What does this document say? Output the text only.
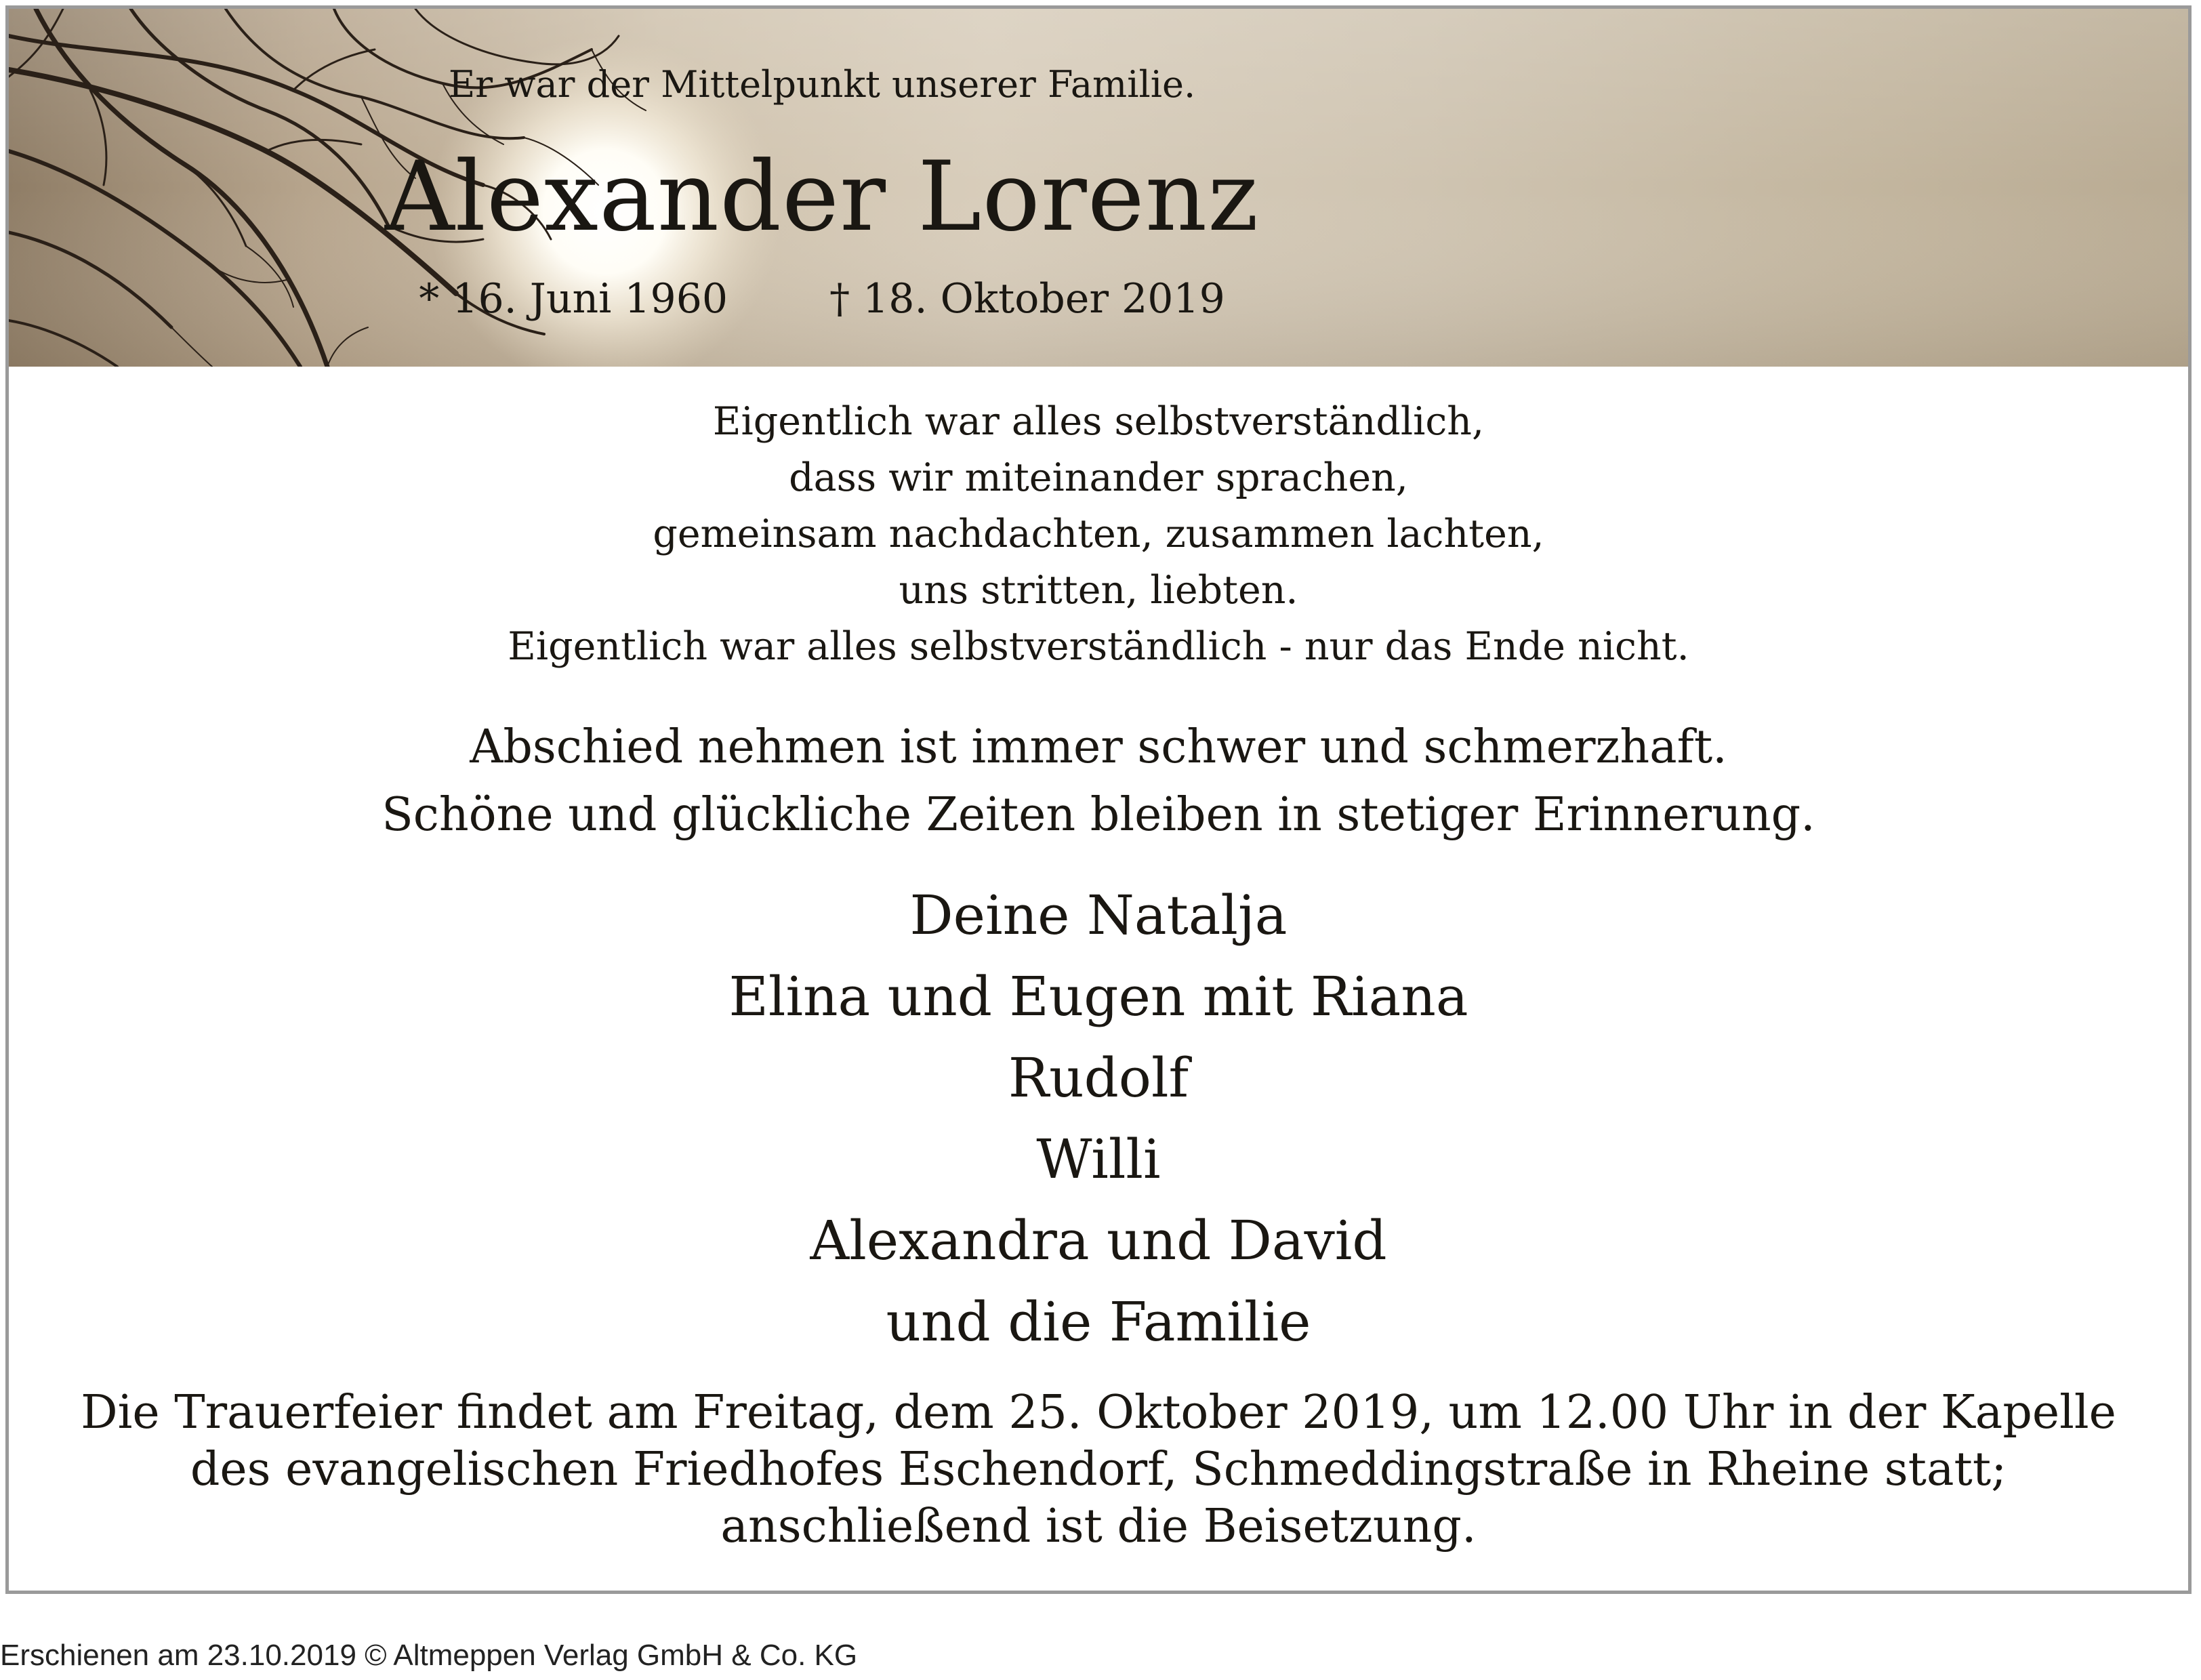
Er war der Mittelpunkt unserer Familie.
Alexander Lorenz
* 16. Juni 1960	† 18. Oktober 2019
Eigentlich war alles selbstverständlich,
dass wir miteinander sprachen,
gemeinsam nachdachten, zusammen lachten,
uns stritten, liebten.
Eigentlich war alles selbstverständlich - nur das Ende nicht.
Abschied nehmen ist immer schwer und schmerzhaft.
Schöne und glückliche Zeiten bleiben in stetiger Erinnerung.
Deine Natalja
Elina und Eugen mit Riana
Rudolf
Willi
Alexandra und David
und die Familie
Die Trauerfeier findet am Freitag, dem 25. Oktober 2019, um 12.00 Uhr in der Kapelle
des evangelischen Friedhofes Eschendorf, Schmeddingstraße in Rheine statt;
anschließend ist die Beisetzung.
Erschienen am 23.10.2019 © Altmeppen Verlag GmbH & Co. KG
